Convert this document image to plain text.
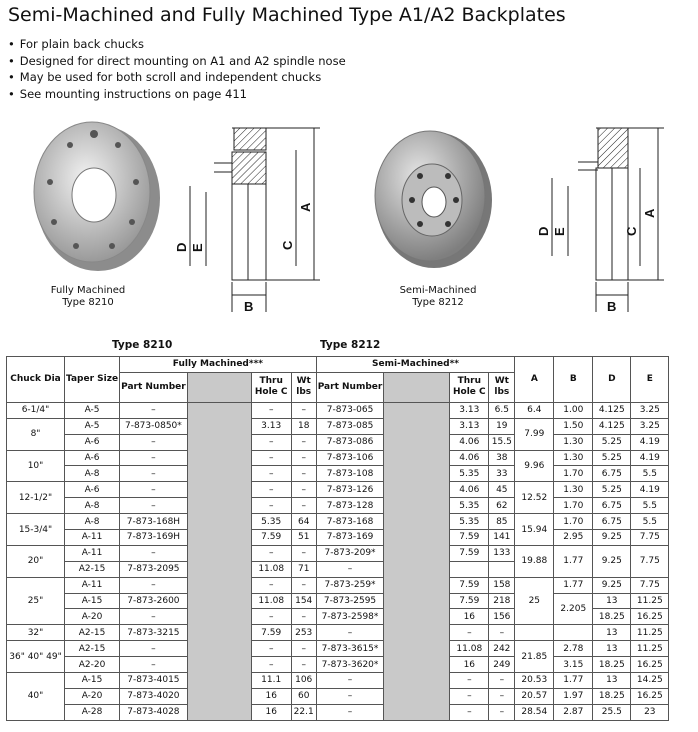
Semi-Machined and Fully Machined Type A1/A2 Backplates
• For plain back chucks
• Designed for direct mounting on A1 and A2 spindle nose
• May be used for both scroll and independent chucks
• See mounting instructions on page 411
A
C
D E
B
A
C
D E
B
Fully Machined
Type 8210
Semi-Machined
Type 8212
Type 8210	Type 8212
Chuck Dia	Taper Size	Fully Machined***				Semi-Machined**				A	B	D	E
		Part Number		Thru Hole C	Wt lbs	Part Number		Thru Hole C	Wt lbs				
6-1/4"	A-5	–		–	–	7-873-065		3.13	6.5	6.4	1.00	4.125	3.25
8"	A-5	7-873-0850*		3.13	18	7-873-085		3.13	19	7.99	1.50	4.125	3.25
	A-6	–		–	–	7-873-086		4.06	15.5		1.30	5.25	4.19
10"	A-6	–		–	–	7-873-106		4.06	38	9.96	1.30	5.25	4.19
	A-8	–		–	–	7-873-108		5.35	33		1.70	6.75	5.5
12-1/2"	A-6	–		–	–	7-873-126		4.06	45	12.52	1.30	5.25	4.19
	A-8	–		–	–	7-873-128		5.35	62		1.70	6.75	5.5
15-3/4"	A-8	7-873-168H		5.35	64	7-873-168		5.35	85	15.94	1.70	6.75	5.5
	A-11	7-873-169H		7.59	51	7-873-169		7.59	141		2.95	9.25	7.75
20"	A-11	–		–	–	7-873-209*		7.59	133	19.88	1.77	9.25	7.75
	A2-15	7-873-2095		11.08	71	–							
25"	A-11	–		–	–	7-873-259*		7.59	158	25	1.77	9.25	7.75
	A-15	7-873-2600		11.08	154	7-873-2595		7.59	218		2.205	13	11.25
	A-20	–		–	–	7-873-2598*		16	156			18.25	16.25
32"	A2-15	7-873-3215		7.59	253	–		–	–			13	11.25
36" 40" 49"	A2-15	–		–	–	7-873-3615*		11.08	242	21.85	2.78	13	11.25
	A2-20	–		–	–	7-873-3620*		16	249		3.15	18.25	16.25
40"	A-15	7-873-4015		11.1	106	–		–	–	20.53	1.77	13	14.25
	A-20	7-873-4020		16	60	–		–	–	20.57	1.97	18.25	16.25
	A-28	7-873-4028		16	22.1	–		–	–	28.54	2.87	25.5	23
